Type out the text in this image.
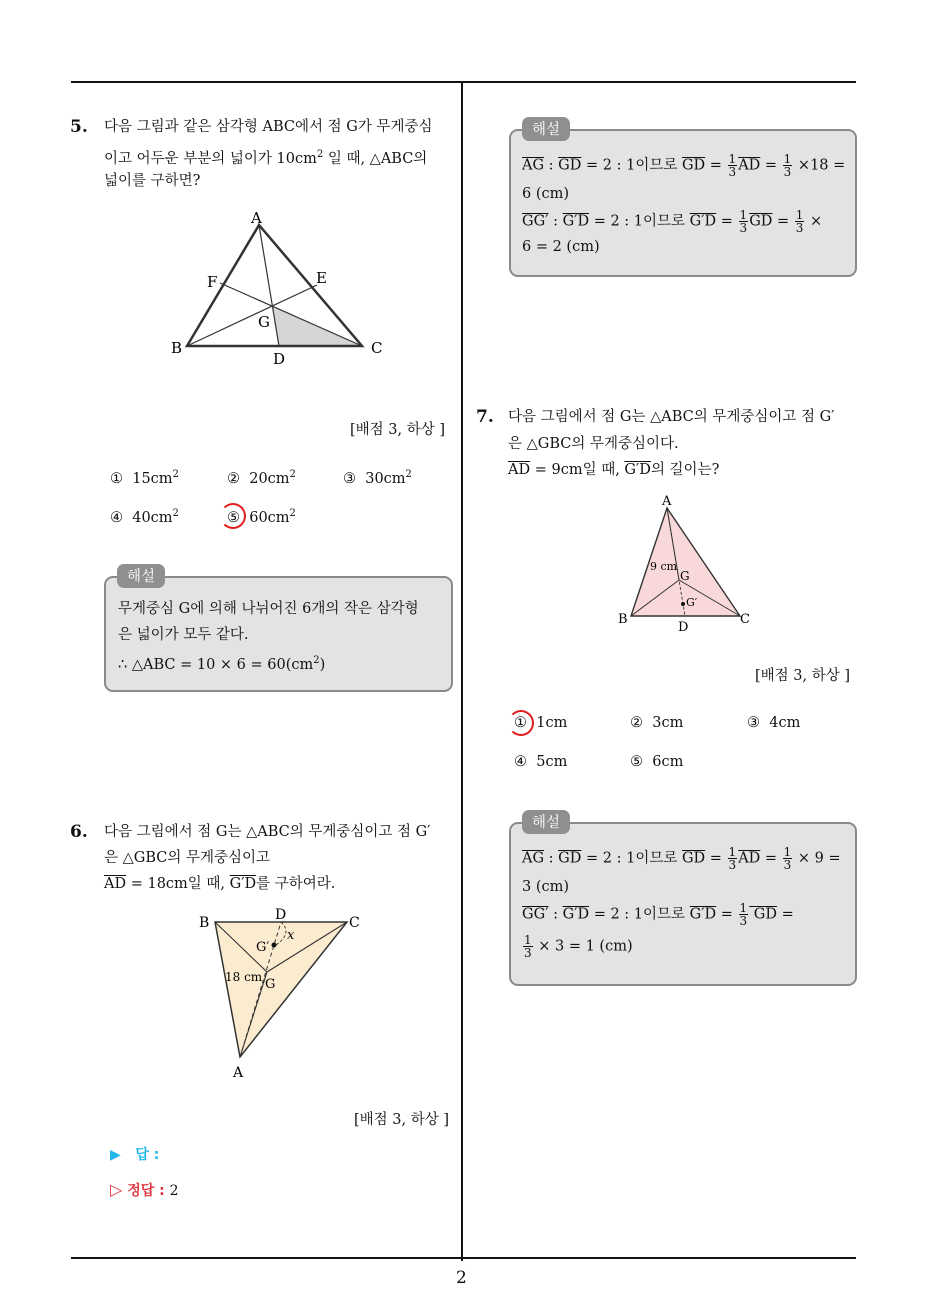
2
5. 다음 그림과 같은 삼각형 ABC에서 점 G가 무게중심
이고 어두운 부분의 넓이가 $10cm^2$ 일 때, △ABC의
넓이를 구하면?
A
B	C
D
E
F
G
[배점 3, 하상 ]
① $15cm^2$	② $20cm^2$	③ $30cm^2$
④ $40cm^2$	⑤ $60cm^2$
해설
무게중심 G에 의해 나뉘어진 6개의 작은 삼각형
은 넓이가 모두 같다.
∴ △ABC = $10 \times 6 = 60(cm^2)$
6. 다음 그림에서 점 G는 △ABC의 무게중심이고 점 G′
은 △GBC의 무게중심이고
$\overline{AD} = 18cm$일 때, G′D를 구하여라.
B	C
D
A
G′
G
x
18 cm
[배점 3, 하상 ]
▶ 답 :
▷ 정답 : 2
해설
$\overline{AG}$ : $\overline{GD} = 2$ : 1이므로 $\overline{GD} = \frac{1}{3} \overline{AD} = \frac{1}{3} \times 18$ =
6 (cm)
GG′ : G′D = 2 : 1이므로 $G'D = \frac{1}{3} \overline{GD} = \frac{1}{3}$ ×
6 = 2 (cm)
7. 다음 그림에서 점 G는 △ABC의 무게중심이고 점 G′
은 △GBC의 무게중심이다.
$\overline{AD} = 9cm$일 때, G′D의 길이는?
A
B	C
D
G
G′
9 cm
[배점 3, 하상 ]
① 1cm	② 3cm	③ 4cm
④ 5cm	⑤ 6cm
해설
$\overline{AG}$ : $\overline{GD} = 2$ : 1이므로 $\overline{GD} = \frac{1}{3} \overline{AD} = \frac{1}{3} \times 9$ =
3 (cm)
GG′ : G′D = 2 : 1이므로 $G'D = \frac{1}{3}$ GD =
$\frac{1}{3} \times 3 = 1$ (cm)
